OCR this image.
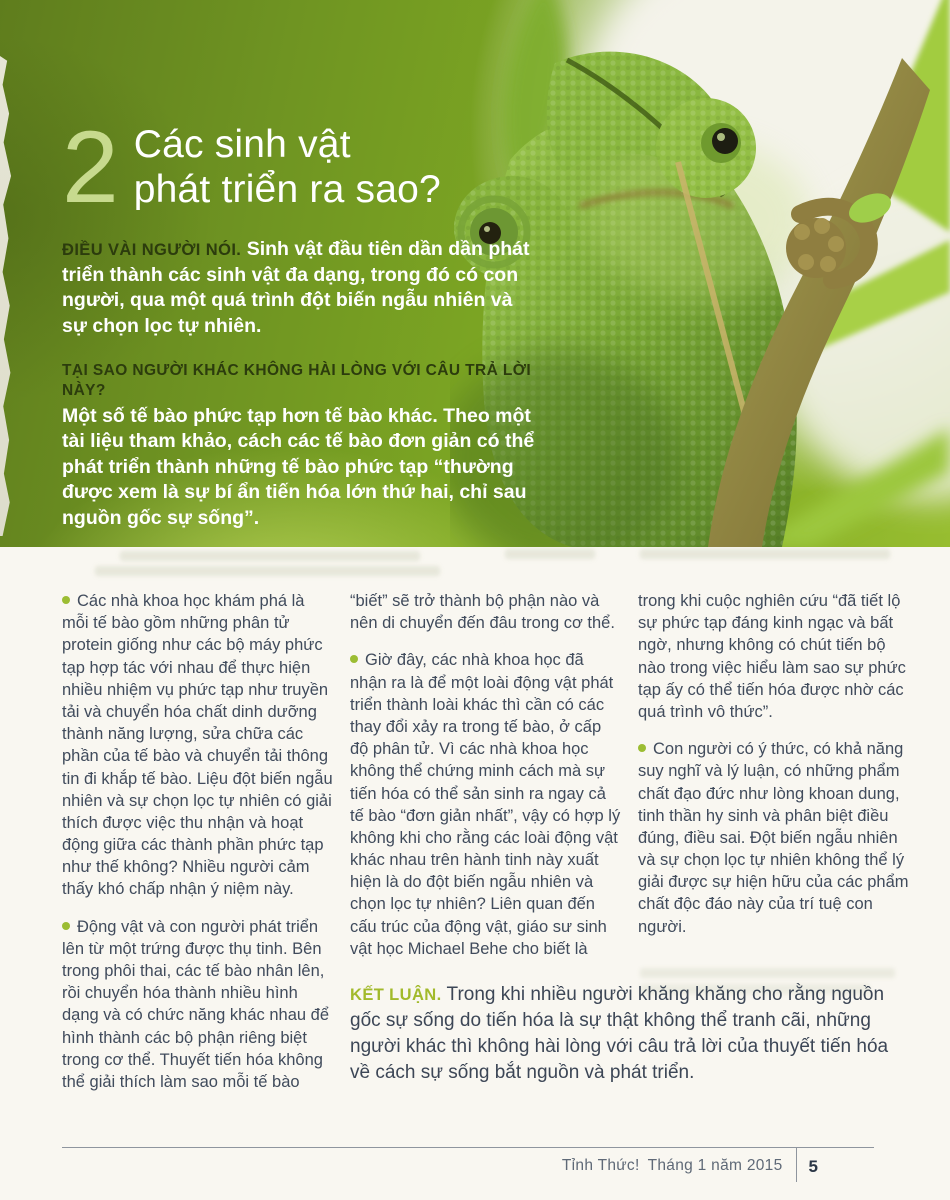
2 Các sinh vật
phát triển ra sao?

ĐIỀU VÀI NGƯỜI NÓI. Sinh vật đầu tiên dần dần phát triển thành các sinh vật đa dạng, trong đó có con người, qua một quá trình đột biến ngẫu nhiên và sự chọn lọc tự nhiên.

TẠI SAO NGƯỜI KHÁC KHÔNG HÀI LÒNG VỚI CÂU TRẢ LỜI NÀY?
Một số tế bào phức tạp hơn tế bào khác. Theo một tài liệu tham khảo, cách các tế bào đơn giản có thể phát triển thành những tế bào phức tạp “thường được xem là sự bí ẩn tiến hóa lớn thứ hai, chỉ sau nguồn gốc sự sống”.

Các nhà khoa học khám phá là mỗi tế bào gồm những phân tử protein giống như các bộ máy phức tạp hợp tác với nhau để thực hiện nhiều nhiệm vụ phức tạp như truyền tải và chuyển hóa chất dinh dưỡng thành năng lượng, sửa chữa các phần của tế bào và chuyển tải thông tin đi khắp tế bào. Liệu đột biến ngẫu nhiên và sự chọn lọc tự nhiên có giải thích được việc thu nhận và hoạt động giữa các thành phần phức tạp như thế không? Nhiều người cảm thấy khó chấp nhận ý niệm này.

Động vật và con người phát triển lên từ một trứng được thụ tinh. Bên trong phôi thai, các tế bào nhân lên, rồi chuyển hóa thành nhiều hình dạng và có chức năng khác nhau để hình thành các bộ phận riêng biệt trong cơ thể. Thuyết tiến hóa không thể giải thích làm sao mỗi tế bào

“biết” sẽ trở thành bộ phận nào và nên di chuyển đến đâu trong cơ thể.

Giờ đây, các nhà khoa học đã nhận ra là để một loài động vật phát triển thành loài khác thì cần có các thay đổi xảy ra trong tế bào, ở cấp độ phân tử. Vì các nhà khoa học không thể chứng minh cách mà sự tiến hóa có thể sản sinh ra ngay cả tế bào “đơn giản nhất”, vậy có hợp lý không khi cho rằng các loài động vật khác nhau trên hành tinh này xuất hiện là do đột biến ngẫu nhiên và chọn lọc tự nhiên? Liên quan đến cấu trúc của động vật, giáo sư sinh vật học Michael Behe cho biết là

trong khi cuộc nghiên cứu “đã tiết lộ sự phức tạp đáng kinh ngạc và bất ngờ, nhưng không có chút tiến bộ nào trong việc hiểu làm sao sự phức tạp ấy có thể tiến hóa được nhờ các quá trình vô thức”.

Con người có ý thức, có khả năng suy nghĩ và lý luận, có những phẩm chất đạo đức như lòng khoan dung, tinh thần hy sinh và phân biệt điều đúng, điều sai. Đột biến ngẫu nhiên và sự chọn lọc tự nhiên không thể lý giải được sự hiện hữu của các phẩm chất độc đáo này của trí tuệ con người.

KẾT LUẬN. Trong khi nhiều người khăng khăng cho rằng nguồn gốc sự sống do tiến hóa là sự thật không thể tranh cãi, những người khác thì không hài lòng với câu trả lời của thuyết tiến hóa về cách sự sống bắt nguồn và phát triển.
Tỉnh Thức! Tháng 1 năm 2015 5
